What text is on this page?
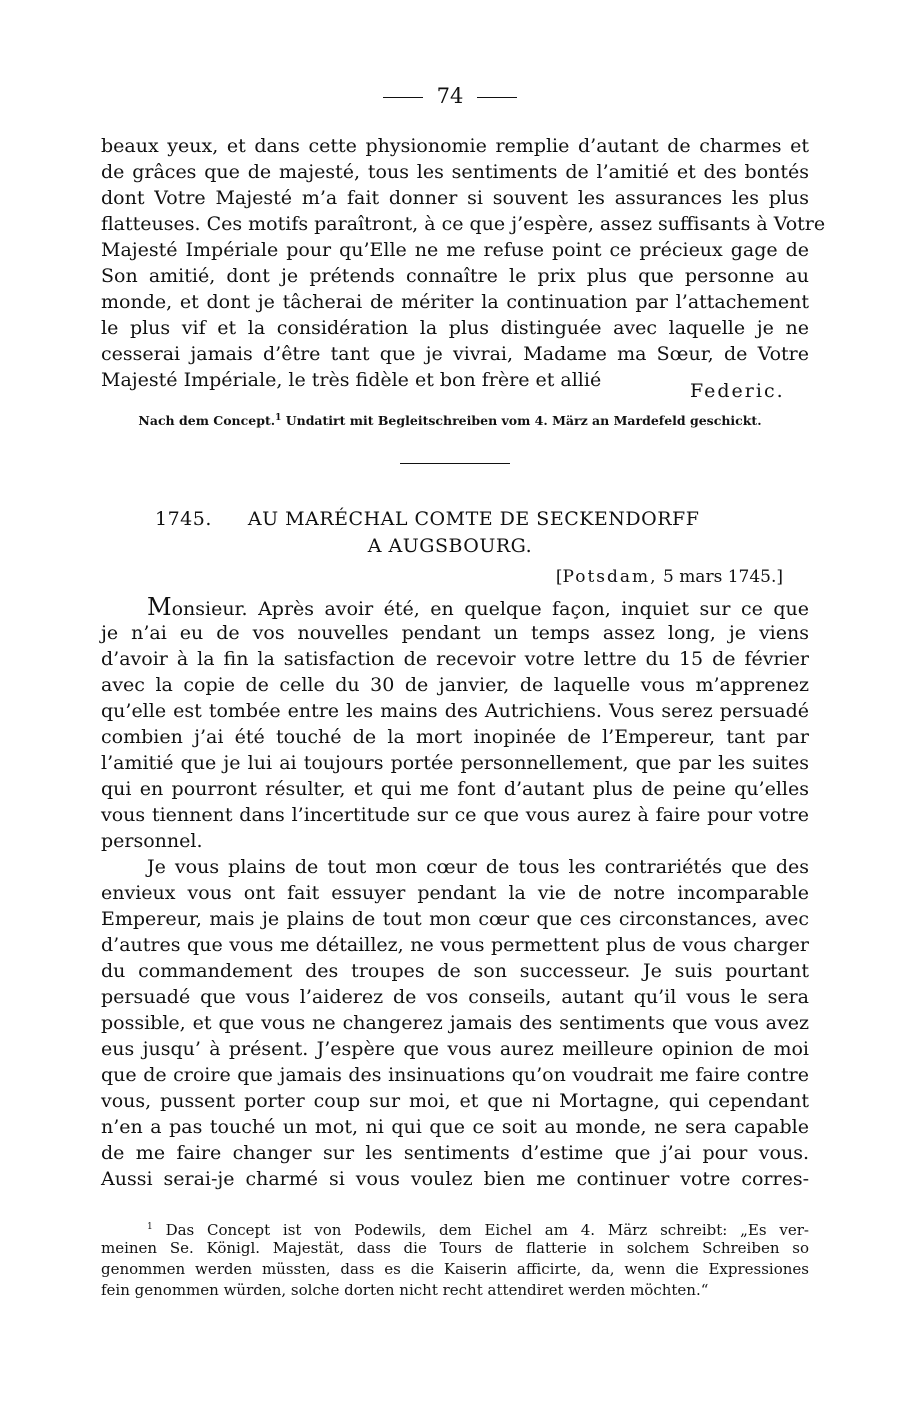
74
beaux yeux, et dans cette physionomie remplie d’autant de charmes et
de grâces que de majesté, tous les sentiments de l’amitié et des bontés
dont Votre Majesté m’a fait donner si souvent les assurances les plus
flatteuses. Ces motifs paraîtront, à ce que j’espère, assez suffisants à Votre
Majesté Impériale pour qu’Elle ne me refuse point ce précieux gage de
Son amitié, dont je prétends connaître le prix plus que personne au
monde, et dont je tâcherai de mériter la continuation par l’attachement
le plus vif et la considération la plus distinguée avec laquelle je ne
cesserai jamais d’être tant que je vivrai, Madame ma Sœur, de Votre
Majesté Impériale, le très fidèle et bon frère et allié	Federic.
Nach dem Concept.$^1$ Undatirt mit Begleitschreiben vom 4. März an Mardefeld geschickt.
1745. AU MARÉCHAL COMTE DE SECKENDORFF
A AUGSBOURG.
[Potsdam, 5 mars 1745.]
Monsieur. Après avoir été, en quelque façon, inquiet sur ce que
je n’ai eu de vos nouvelles pendant un temps assez long, je viens
d’avoir à la fin la satisfaction de recevoir votre lettre du 15 de février
avec la copie de celle du 30 de janvier, de laquelle vous m’apprenez
qu’elle est tombée entre les mains des Autrichiens. Vous serez persuadé
combien j’ai été touché de la mort inopinée de l’Empereur, tant par
l’amitié que je lui ai toujours portée personnellement, que par les suites
qui en pourront résulter, et qui me font d’autant plus de peine qu’elles
vous tiennent dans l’incertitude sur ce que vous aurez à faire pour votre
personnel.
Je vous plains de tout mon cœur de tous les contrariétés que des
envieux vous ont fait essuyer pendant la vie de notre incomparable
Empereur, mais je plains de tout mon cœur que ces circonstances, avec
d’autres que vous me détaillez, ne vous permettent plus de vous charger
du commandement des troupes de son successeur. Je suis pourtant
persuadé que vous l’aiderez de vos conseils, autant qu’il vous le sera
possible, et que vous ne changerez jamais des sentiments que vous avez
eus jusqu’ à présent. J’espère que vous aurez meilleure opinion de moi
que de croire que jamais des insinuations qu’on voudrait me faire contre
vous, pussent porter coup sur moi, et que ni Mortagne, qui cependant
n’en a pas touché un mot, ni qui que ce soit au monde, ne sera capable
de me faire changer sur les sentiments d’estime que j’ai pour vous.
Aussi serai-je charmé si vous voulez bien me continuer votre corres-
$^1$ Das Concept ist von Podewils, dem Eichel am 4. März schreibt: „Es ver-
meinen Se. Königl. Majestät, dass die Tours de flatterie in solchem Schreiben so
genommen werden müssten, dass es die Kaiserin afficirte, da, wenn die Expressiones
fein genommen würden, solche dorten nicht recht attendiret werden möchten.“
